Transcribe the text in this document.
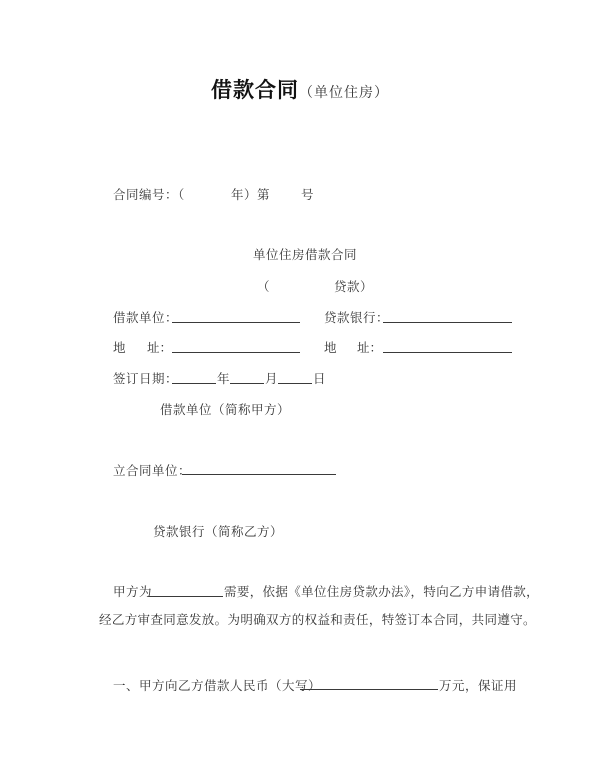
借款合同（单位住房）
合同编号：（	年）第 号
单位住房借款合同
（	贷款）
借款单位：	贷款银行：
地 址：	地 址：
签订日期：	年	月	日
借款单位（简称甲方）
立合同单位：
贷款银行（简称乙方）
甲方为	需要，依据《单位住房贷款办法》，特向乙方申请借款，
经乙方审查同意发放。为明确双方的权益和责任，特签订本合同，共同遵守。
一、甲方向乙方借款人民币（大写）	万元，保证用
